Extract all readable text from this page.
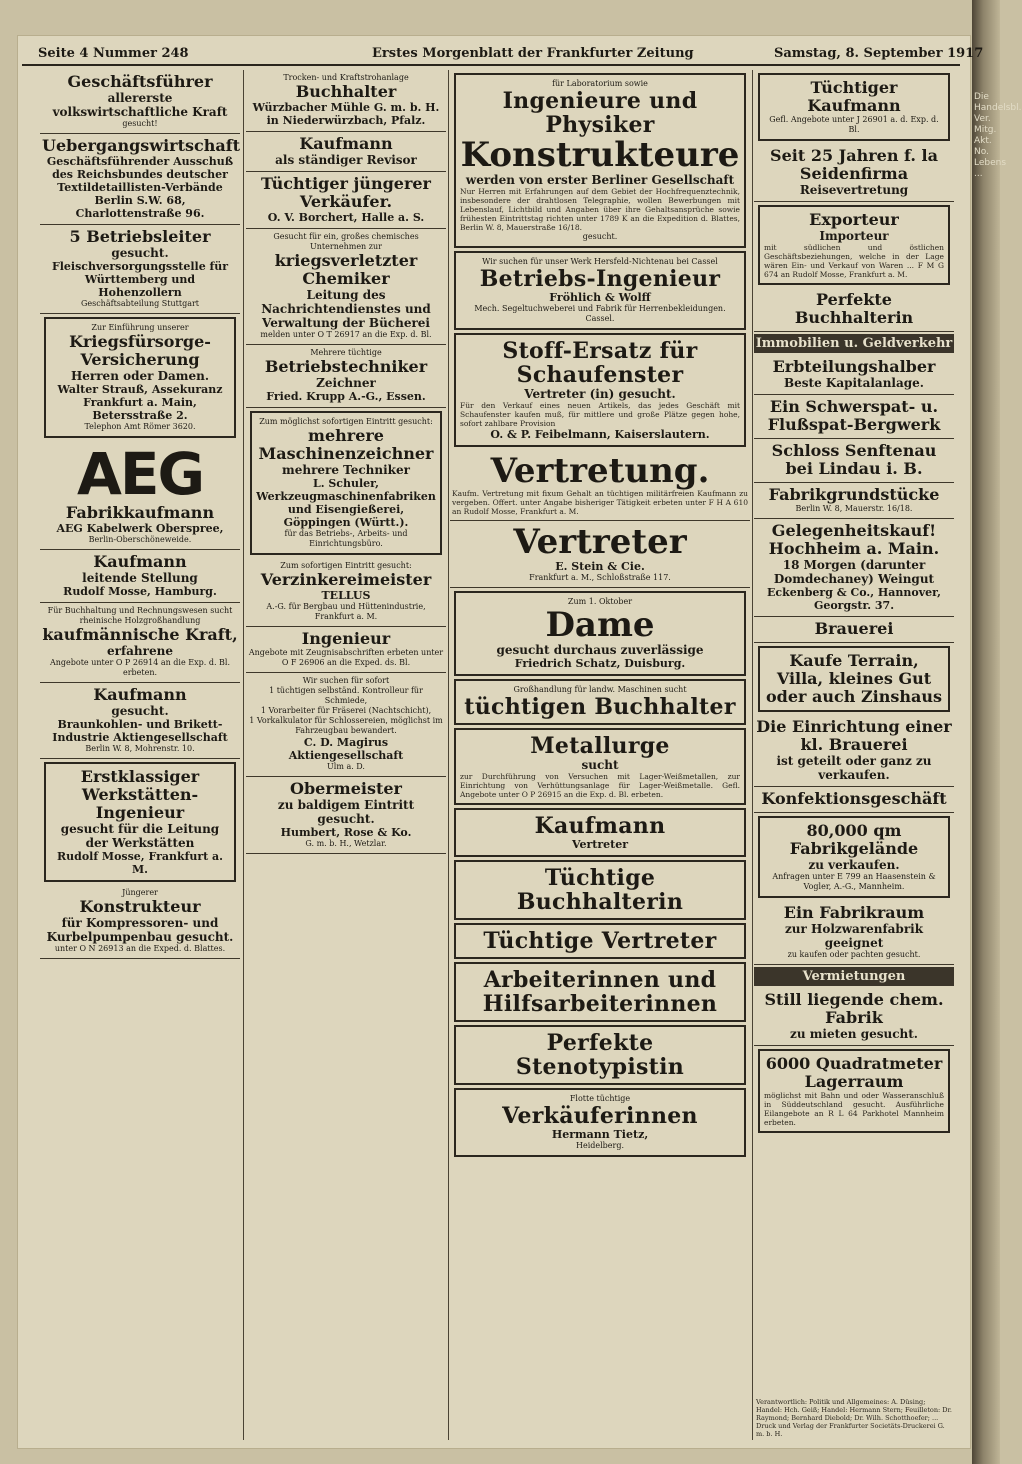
Die Handelsbl. Ver. Mitg. Akt. No. Lebens ...
Seite 4 Nummer 248	Erstes Morgenblatt der Frankfurter Zeitung	Samstag, 8. September 1917
Geschäftsführer
allererste volkswirtschaftliche Kraft
gesucht!
Uebergangswirtschaft
Geschäftsführender Ausschuß des Reichsbundes deutscher Textildetaillisten-Verbände Berlin S.W. 68, Charlottenstraße 96.
5 Betriebsleiter
gesucht.
Fleischversorgungsstelle für Württemberg und Hohenzollern
Geschäftsabteilung Stuttgart
Zur Einführung unserer
Kriegsfürsorge-Versicherung
Herren oder Damen.
Walter Strauß, Assekuranz Frankfurt a. Main, Betersstraße 2.
Telephon Amt Römer 3620.
AEG
Fabrikkaufmann
AEG Kabelwerk Oberspree,
Berlin-Oberschöneweide.
Kaufmann
leitende Stellung
Rudolf Mosse, Hamburg.
Für Buchhaltung und Rechnungswesen sucht rheinische Holzgroßhandlung
kaufmännische Kraft,
erfahrene
Angebote unter O P 26914 an die Exp. d. Bl. erbeten.
Kaufmann
gesucht.
Braunkohlen- und Brikett-Industrie Aktiengesellschaft
Berlin W. 8, Mohrenstr. 10.
Erstklassiger Werkstätten-Ingenieur
gesucht für die Leitung der Werkstätten
Rudolf Mosse, Frankfurt a. M.
Jüngerer
Konstrukteur
für Kompressoren- und Kurbelpumpenbau gesucht.
unter O N 26913 an die Exped. d. Blattes.
Trocken- und Kraftstrohanlage
Buchhalter
Würzbacher Mühle G. m. b. H. in Niederwürzbach, Pfalz.
Kaufmann
als ständiger Revisor
Tüchtiger jüngerer Verkäufer.
O. V. Borchert, Halle a. S.
Gesucht für ein, großes chemisches Unternehmen zur
kriegsverletzter Chemiker
Leitung des Nachrichtendienstes und Verwaltung der Bücherei
melden unter O T 26917 an die Exp. d. Bl.
Mehrere tüchtige
Betriebstechniker
Zeichner
Fried. Krupp A.-G., Essen.
Zum möglichst sofortigen Eintritt gesucht:
mehrere Maschinenzeichner
mehrere Techniker
L. Schuler, Werkzeugmaschinenfabriken und Eisengießerei, Göppingen (Württ.).
für das Betriebs-, Arbeits- und Einrichtungsbüro.
Zum sofortigen Eintritt gesucht:
Verzinkereimeister
TELLUS
A.-G. für Bergbau und Hüttenindustrie, Frankfurt a. M.
Ingenieur
Angebote mit Zeugnisabschriften erbeten unter O F 26906 an die Exped. ds. Bl.
Wir suchen für sofort
1 tüchtigen selbständ. Kontrolleur für Schmiede,
1 Vorarbeiter für Fräserei (Nachtschicht),
1 Vorkalkulator für Schlossereien, möglichst im Fahrzeugbau bewandert.
C. D. Magirus Aktiengesellschaft
Ulm a. D.
Obermeister
zu baldigem Eintritt gesucht.
Humbert, Rose & Ko.
G. m. b. H., Wetzlar.
für Laboratorium sowie
Ingenieure und Physiker
Konstrukteure
werden von erster Berliner Gesellschaft
Nur Herren mit Erfahrungen auf dem Gebiet der Hochfrequenztechnik, insbesondere der drahtlosen Telegraphie, wollen Bewerbungen mit Lebenslauf, Lichtbild und Angaben über ihre Gehaltsansprüche sowie frühesten Eintrittstag richten unter 1789 K an die Expedition d. Blattes, Berlin W. 8, Mauerstraße 16/18.
gesucht.
Wir suchen für unser Werk Hersfeld-Nichtenau bei Cassel
Betriebs-Ingenieur
Fröhlich & Wolff
Mech. Segeltuchweberei und Fabrik für Herrenbekleidungen. Cassel.
Stoff-Ersatz für Schaufenster
Vertreter (in) gesucht.
Für den Verkauf eines neuen Artikels, das jedes Geschäft mit Schaufenster kaufen muß, für mittlere und große Plätze gegen hohe, sofort zahlbare Provision
O. & P. Feibelmann, Kaiserslautern.
Vertretung.
Kaufm. Vertretung mit fixum Gehalt an tüchtigen militärfreien Kaufmann zu vergeben. Offert. unter Angabe bisheriger Tätigkeit erbeten unter F H A 610 an Rudolf Mosse, Frankfurt a. M.
Vertreter
E. Stein & Cie.
Frankfurt a. M., Schloßstraße 117.
Zum 1. Oktober
Dame
gesucht durchaus zuverlässige
Friedrich Schatz, Duisburg.
Großhandlung für landw. Maschinen sucht
tüchtigen Buchhalter
Metallurge
sucht
zur Durchführung von Versuchen mit Lager-Weißmetallen, zur Einrichtung von Verhüttungsanlage für Lager-Weißmetalle. Gefl. Angebote unter O P 26915 an die Exp. d. Bl. erbeten.
Kaufmann
Vertreter
Tüchtige Buchhalterin
Tüchtige Vertreter
Arbeiterinnen und Hilfsarbeiterinnen
Perfekte Stenotypistin
Flotte tüchtige
Verkäuferinnen
Hermann Tietz,
Heidelberg.
Tüchtiger Kaufmann
Gefl. Angebote unter J 26901 a. d. Exp. d. Bl.
Seit 25 Jahren f. la Seidenfirma
Reisevertretung
Exporteur
Importeur
mit südlichen und östlichen Geschäftsbeziehungen, welche in der Lage wären Ein- und Verkauf von Waren ... F M G 674 an Rudolf Mosse, Frankfurt a. M.
Perfekte Buchhalterin
Immobilien u. Geldverkehr
Erbteilungshalber
Beste Kapitalanlage.
Ein Schwerspat- u. Flußspat-Bergwerk
Schloss Senftenau bei Lindau i. B.
Fabrikgrundstücke
Berlin W. 8, Mauerstr. 16/18.
Gelegenheitskauf! Hochheim a. Main.
18 Morgen (darunter Domdechaney) Weingut
Eckenberg & Co., Hannover, Georgstr. 37.
Brauerei
Kaufe Terrain, Villa, kleines Gut oder auch Zinshaus
Die Einrichtung einer kl. Brauerei
ist geteilt oder ganz zu verkaufen.
Konfektionsgeschäft
80,000 qm Fabrikgelände
zu verkaufen.
Anfragen unter E 799 an Haasenstein & Vogler, A.-G., Mannheim.
Ein Fabrikraum
zur Holzwarenfabrik geeignet
zu kaufen oder pachten gesucht.
Vermietungen
Still liegende chem. Fabrik
zu mieten gesucht.
6000 Quadratmeter Lagerraum
möglichst mit Bahn und oder Wasseranschluß in Süddeutschland gesucht. Ausführliche Eilangebote an R L 64 Parkhotel Mannheim erbeten.
Verantwortlich: Politik und Allgemeines: A. Düsing; Handel: Hch. Geiß; Handel: Hermann Stern; Feuilleton: Dr. Raymond; Bernhard Diebold; Dr. Wilh. Schotthoefer; ... Druck und Verlag der Frankfurter Societäts-Druckerei G. m. b. H.
